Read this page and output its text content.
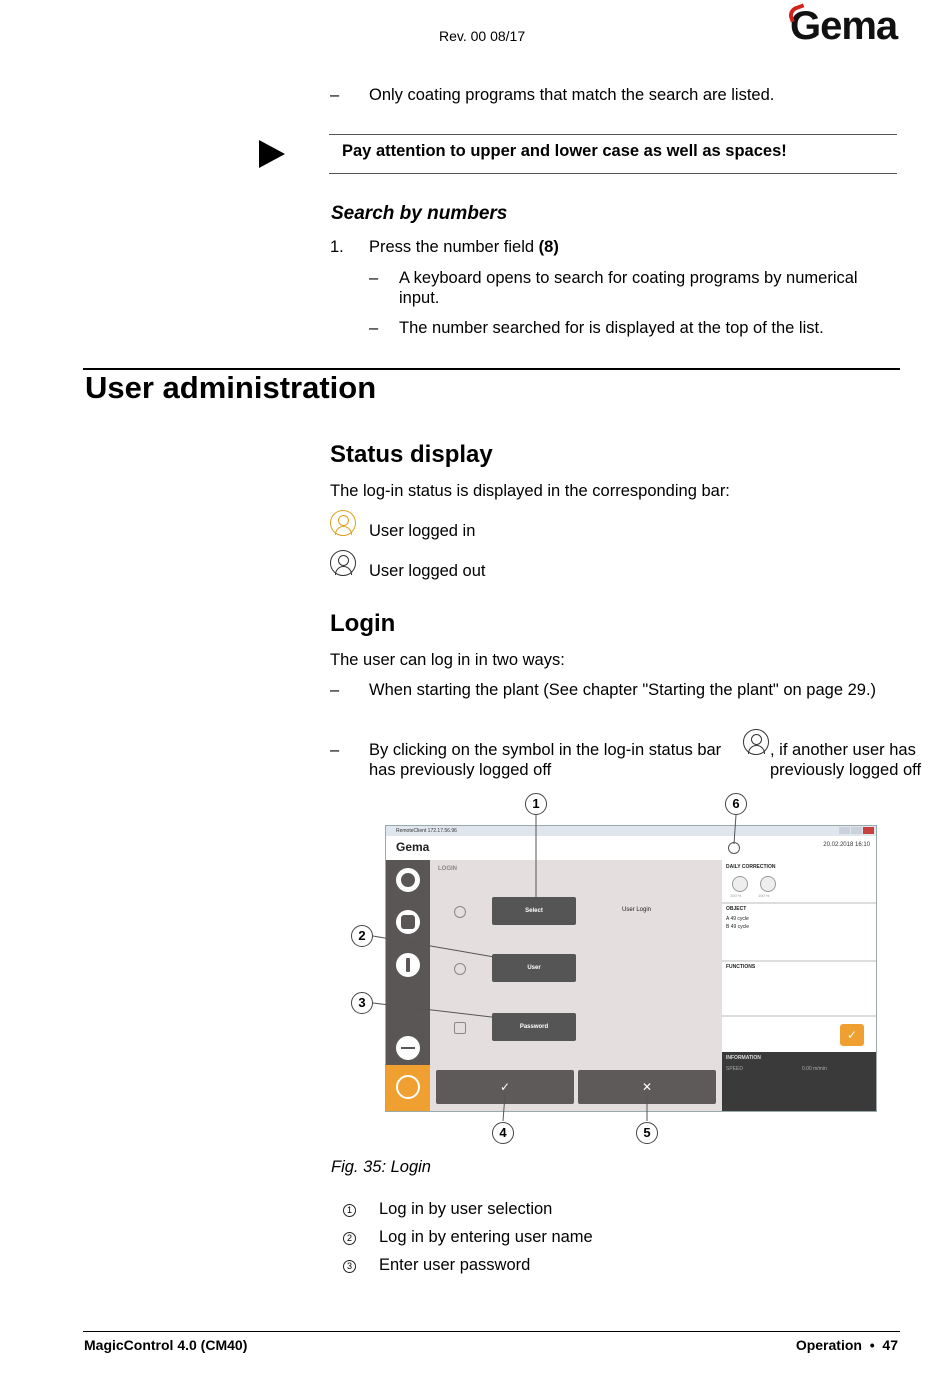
Rev. 00 08/17	Gema
– Only coating programs that match the search are listed.
Pay attention to upper and lower case as well as spaces!
Search by numbers
1. Press the number field (8)
– A keyboard opens to search for coating programs by numerical input.
– The number searched for is displayed at the top of the list.
User administration
Status display
The log-in status is displayed in the corresponding bar:
User logged in
User logged out
Login
The user can log in in two ways:
– When starting the plant (See chapter "Starting the plant" on page 29.)
– By clicking on the symbol in the log-in status bar	, if another user has previously logged off
has previously logged off
RemoteClient 172.17.56.96
Gema	20.02.2018 16:10
LOGIN
Select	User Login
User
Password
✓	✕
DAILY CORRECTION
100 %	100 %
OBJECT
A 49 cycle
B 49 cycle
FUNCTIONS
✓
INFORMATION
SPEED	0.00 m/min
1	6
2
3
4	5
Fig. 35: Login
1 Log in by user selection
2 Log in by entering user name
3 Enter user password
MagicControl 4.0 (CM40)	Operation • 47
